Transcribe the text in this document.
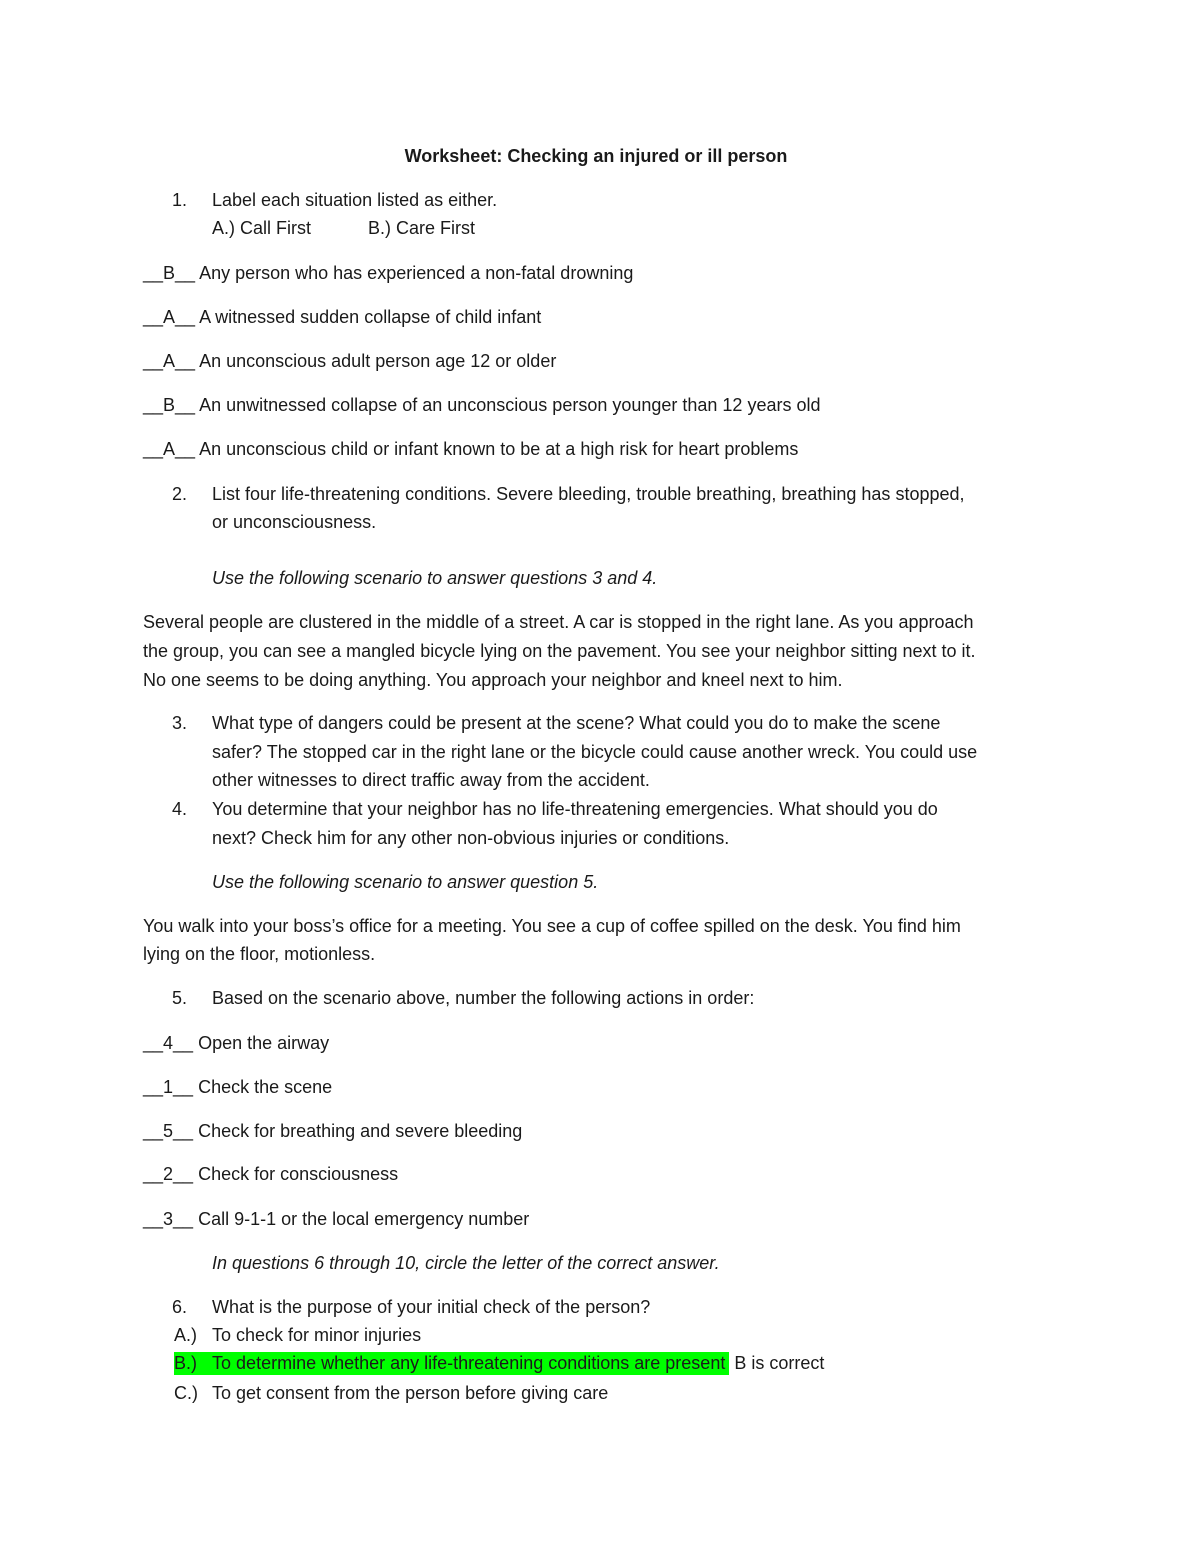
Worksheet: Checking an injured or ill person
1. Label each situation listed as either.
A.) Call First	B.) Care First
__B__ Any person who has experienced a non-fatal drowning
__A__ A witnessed sudden collapse of child infant
__A__ An unconscious adult person age 12 or older
__B__ An unwitnessed collapse of an unconscious person younger than 12 years old
__A__ An unconscious child or infant known to be at a high risk for heart problems
2. List four life-threatening conditions. Severe bleeding, trouble breathing, breathing has stopped,
or unconsciousness.
Use the following scenario to answer questions 3 and 4.
Several people are clustered in the middle of a street. A car is stopped in the right lane. As you approach
the group, you can see a mangled bicycle lying on the pavement. You see your neighbor sitting next to it.
No one seems to be doing anything. You approach your neighbor and kneel next to him.
3. What type of dangers could be present at the scene? What could you do to make the scene
safer? The stopped car in the right lane or the bicycle could cause another wreck. You could use
other witnesses to direct traffic away from the accident.
4. You determine that your neighbor has no life-threatening emergencies. What should you do
next? Check him for any other non-obvious injuries or conditions.
Use the following scenario to answer question 5.
You walk into your boss’s office for a meeting. You see a cup of coffee spilled on the desk. You find him
lying on the floor, motionless.
5. Based on the scenario above, number the following actions in order:
__4__ Open the airway
__1__ Check the scene
__5__ Check for breathing and severe bleeding
__2__ Check for consciousness
__3__ Call 9-1-1 or the local emergency number
In questions 6 through 10, circle the letter of the correct answer.
6. What is the purpose of your initial check of the person?
A.) To check for minor injuries
B.) To determine whether any life-threatening conditions are present B is correct
C.) To get consent from the person before giving care
